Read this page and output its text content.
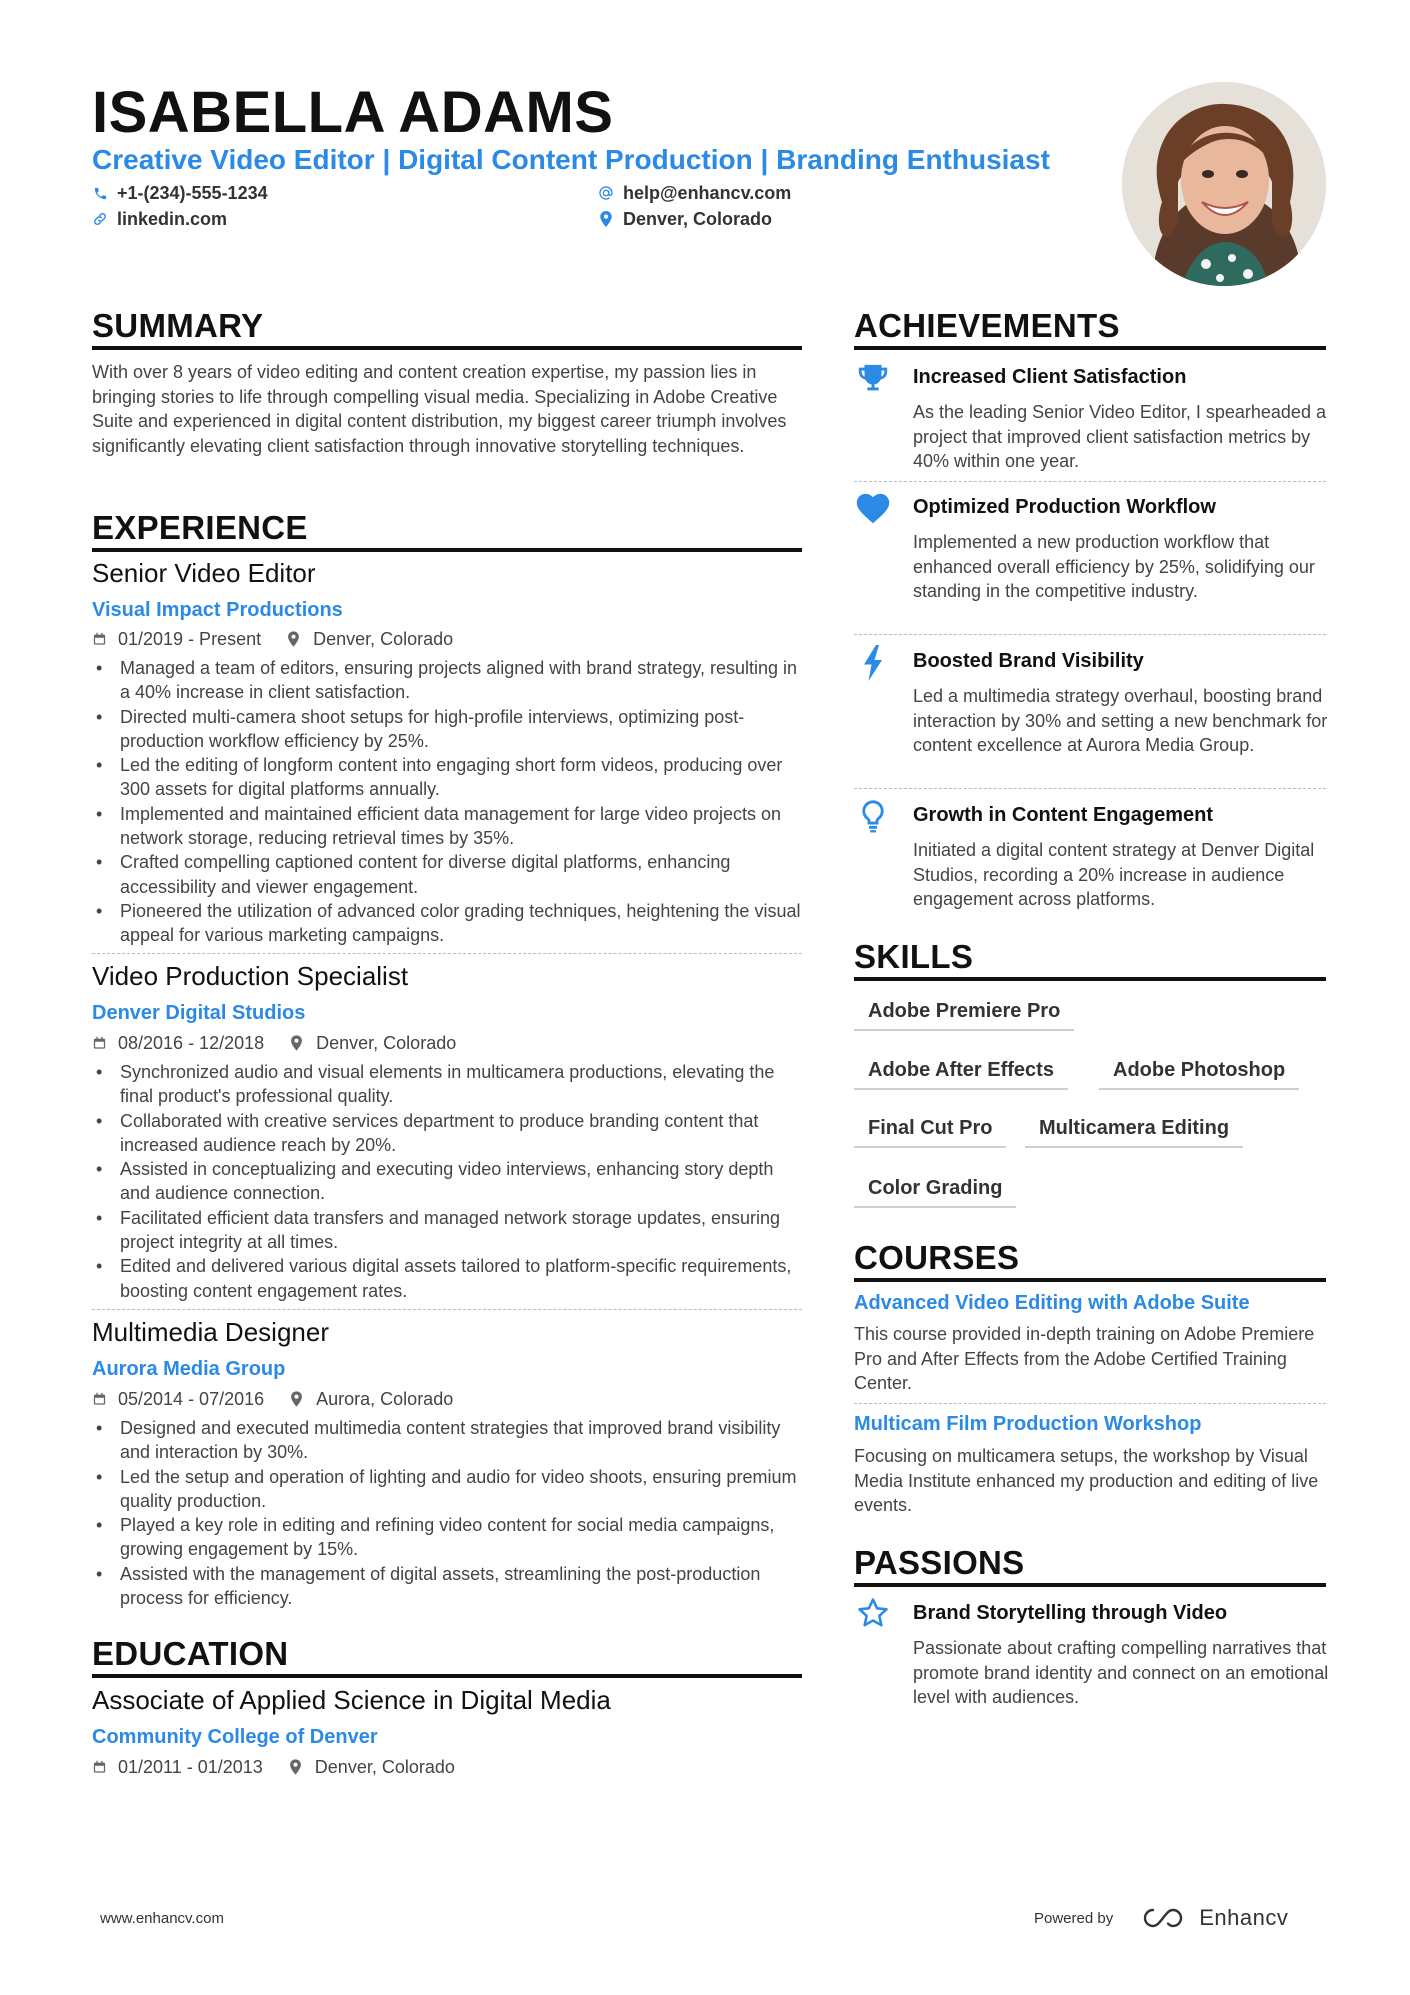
ISABELLA ADAMS
Creative Video Editor | Digital Content Production | Branding Enthusiast
+1-(234)-555-1234	help@enhancv.com
linkedin.com	Denver, Colorado
SUMMARY
With over 8 years of video editing and content creation expertise, my passion lies in bringing stories to life through compelling visual media. Specializing in Adobe Creative Suite and experienced in digital content distribution, my biggest career triumph involves significantly elevating client satisfaction through innovative storytelling techniques.
EXPERIENCE
Senior Video Editor
Visual Impact Productions
01/2019 - Present	Denver, Colorado
• Managed a team of editors, ensuring projects aligned with brand strategy, resulting in a 40% increase in client satisfaction.
• Directed multi-camera shoot setups for high-profile interviews, optimizing post-production workflow efficiency by 25%.
• Led the editing of longform content into engaging short form videos, producing over 300 assets for digital platforms annually.
• Implemented and maintained efficient data management for large video projects on network storage, reducing retrieval times by 35%.
• Crafted compelling captioned content for diverse digital platforms, enhancing accessibility and viewer engagement.
• Pioneered the utilization of advanced color grading techniques, heightening the visual appeal for various marketing campaigns.
Video Production Specialist
Denver Digital Studios
08/2016 - 12/2018	Denver, Colorado
• Synchronized audio and visual elements in multicamera productions, elevating the final product's professional quality.
• Collaborated with creative services department to produce branding content that increased audience reach by 20%.
• Assisted in conceptualizing and executing video interviews, enhancing story depth and audience connection.
• Facilitated efficient data transfers and managed network storage updates, ensuring project integrity at all times.
• Edited and delivered various digital assets tailored to platform-specific requirements, boosting content engagement rates.
Multimedia Designer
Aurora Media Group
05/2014 - 07/2016	Aurora, Colorado
• Designed and executed multimedia content strategies that improved brand visibility and interaction by 30%.
• Led the setup and operation of lighting and audio for video shoots, ensuring premium quality production.
• Played a key role in editing and refining video content for social media campaigns, growing engagement by 15%.
• Assisted with the management of digital assets, streamlining the post-production process for efficiency.
EDUCATION
Associate of Applied Science in Digital Media
Community College of Denver
01/2011 - 01/2013	Denver, Colorado
ACHIEVEMENTS
Increased Client Satisfaction
As the leading Senior Video Editor, I spearheaded a project that improved client satisfaction metrics by 40% within one year.
Optimized Production Workflow
Implemented a new production workflow that enhanced overall efficiency by 25%, solidifying our standing in the competitive industry.
Boosted Brand Visibility
Led a multimedia strategy overhaul, boosting brand interaction by 30% and setting a new benchmark for content excellence at Aurora Media Group.
Growth in Content Engagement
Initiated a digital content strategy at Denver Digital Studios, recording a 20% increase in audience engagement across platforms.
SKILLS
Adobe Premiere Pro
Adobe After Effects	Adobe Photoshop
Final Cut Pro	Multicamera Editing
Color Grading
COURSES
Advanced Video Editing with Adobe Suite
This course provided in-depth training on Adobe Premiere Pro and After Effects from the Adobe Certified Training Center.
Multicam Film Production Workshop
Focusing on multicamera setups, the workshop by Visual Media Institute enhanced my production and editing of live events.
PASSIONS
Brand Storytelling through Video
Passionate about crafting compelling narratives that promote brand identity and connect on an emotional level with audiences.
www.enhancv.com	Powered by	Enhancv
